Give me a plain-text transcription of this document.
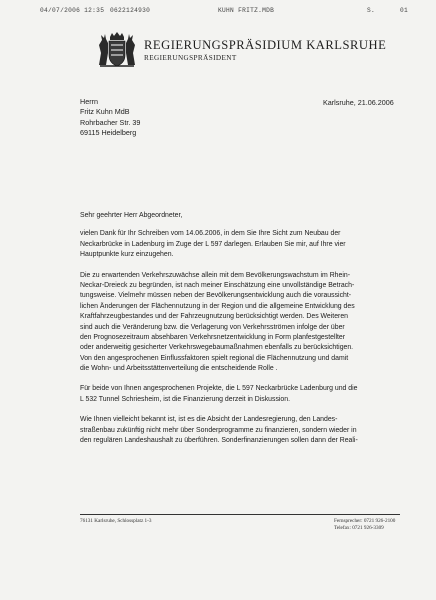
04/07/2006 12:35 0622124930	KUHN FRITZ.MDB	S.	01
REGIERUNGSPRÄSIDIUM KARLSRUHE
REGIERUNGSPRÄSIDENT
Herrn
Fritz Kuhn MdB
Rohrbacher Str. 39
69115 Heidelberg
Karlsruhe, 21.06.2006
Sehr geehrter Herr Abgeordneter,
vielen Dank für Ihr Schreiben vom 14.06.2006, in dem Sie Ihre Sicht zum Neubau der
Neckarbrücke in Ladenburg im Zuge der L 597 darlegen. Erlauben Sie mir, auf Ihre vier
Hauptpunkte kurz einzugehen.
Die zu erwartenden Verkehrszuwächse allein mit dem Bevölkerungswachstum im Rhein-
Neckar-Dreieck zu begründen, ist nach meiner Einschätzung eine unvollständige Betrach-
tungsweise. Vielmehr müssen neben der Bevölkerungsentwicklung auch die voraussicht-
lichen Änderungen der Flächennutzung in der Region und die allgemeine Entwicklung des
Kraftfahrzeugbestandes und der Fahrzeugnutzung berücksichtigt werden. Des Weiteren
sind auch die Veränderung bzw. die Verlagerung von Verkehrsströmen infolge der über
den Prognosezeitraum absehbaren Verkehrsnetzentwicklung in Form planfestgestellter
oder anderweitig gesicherter Verkehrswegebaumaßnahmen ebenfalls zu berücksichtigen.
Von den angesprochenen Einflussfaktoren spielt regional die Flächennutzung und damit
die Wohn- und Arbeitsstättenverteilung die entscheidende Rolle .
Für beide von Ihnen angesprochenen Projekte, die L 597 Neckarbrücke Ladenburg und die
L 532 Tunnel Schriesheim, ist die Finanzierung derzeit in Diskussion.
Wie Ihnen vielleicht bekannt ist, ist es die Absicht der Landesregierung, den Landes-
straßenbau zukünftig nicht mehr über Sonderprogramme zu finanzieren, sondern wieder in
den regulären Landeshaushalt zu überführen. Sonderfinanzierungen sollen dann der Reali-
76131 Karlsruhe, Schlossplatz 1-3	Fernsprecher: 0721 926-2100
Telefax: 0721 926-3309
